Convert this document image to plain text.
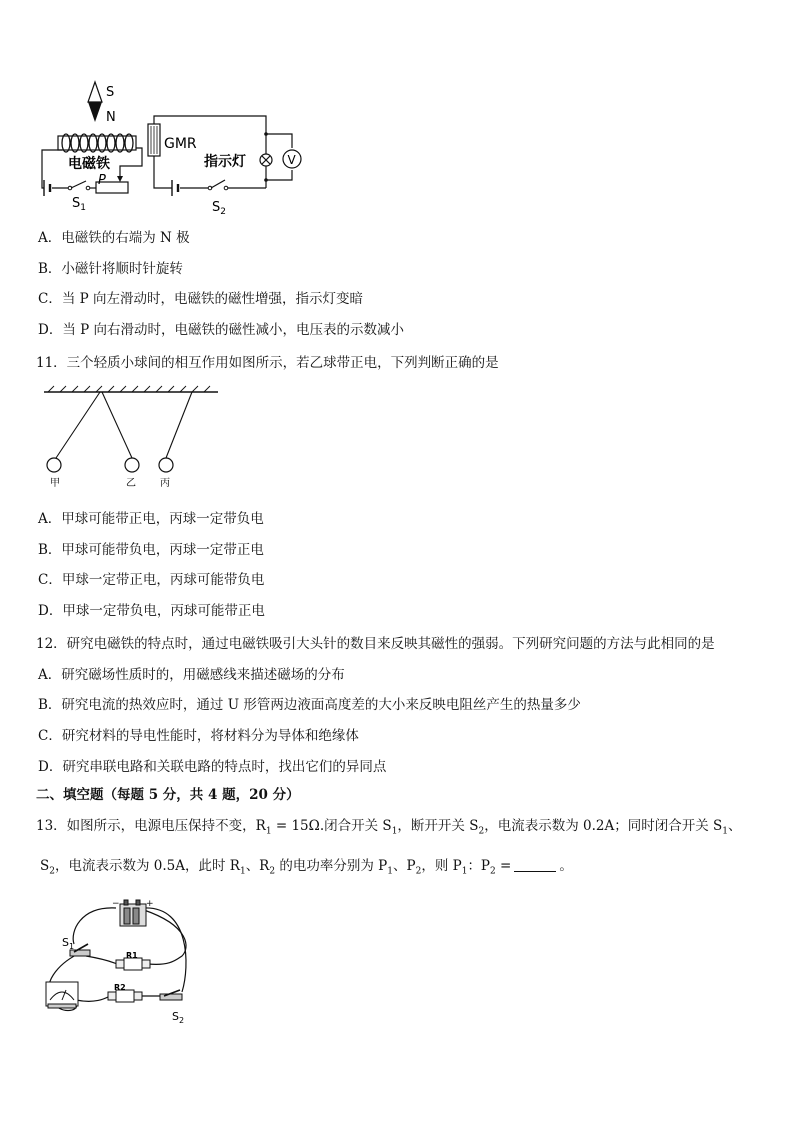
S
N
电磁铁
$S_1$
P
GMR
$S_2$
指示灯	V
A．电磁铁的右端为 N 极
B．小磁针将顺时针旋转
C．当 P 向左滑动时，电磁铁的磁性增强，指示灯变暗
D．当 P 向右滑动时，电磁铁的磁性减小，电压表的示数减小
11．三个轻质小球间的相互作用如图所示，若乙球带正电，下列判断正确的是
甲	乙 丙
A．甲球可能带正电，丙球一定带负电
B．甲球可能带负电，丙球一定带正电
C．甲球一定带正电，丙球可能带负电
D．甲球一定带负电，丙球可能带正电
12．研究电磁铁的特点时，通过电磁铁吸引大头针的数目来反映其磁性的强弱。下列研究问题的方法与此相同的是
A．研究磁场性质时的，用磁感线来描述磁场的分布
B．研究电流的热效应时，通过 U 形管两边液面高度差的大小来反映电阻丝产生的热量多少
C．研究材料的导电性能时，将材料分为导体和绝缘体
D．研究串联电路和关联电路的特点时，找出它们的异同点
二、填空题（每题 5 分，共 4 题，20 分）
13．如图所示，电源电压保持不变，$R_1 = 15\Omega$.闭合开关 $S_1$，断开开关 $S_2$，电流表示数为 0.2A；同时闭合开关 $S_1$、
$S_2$，电流表示数为 0.5A，此时 $R_1$、$R_2$ 的电功率分别为 $P_1$、$P_2$，则 $P_1$：$P_2$ =	。
−	+
$S_1$
R1
R2
$S_2$
